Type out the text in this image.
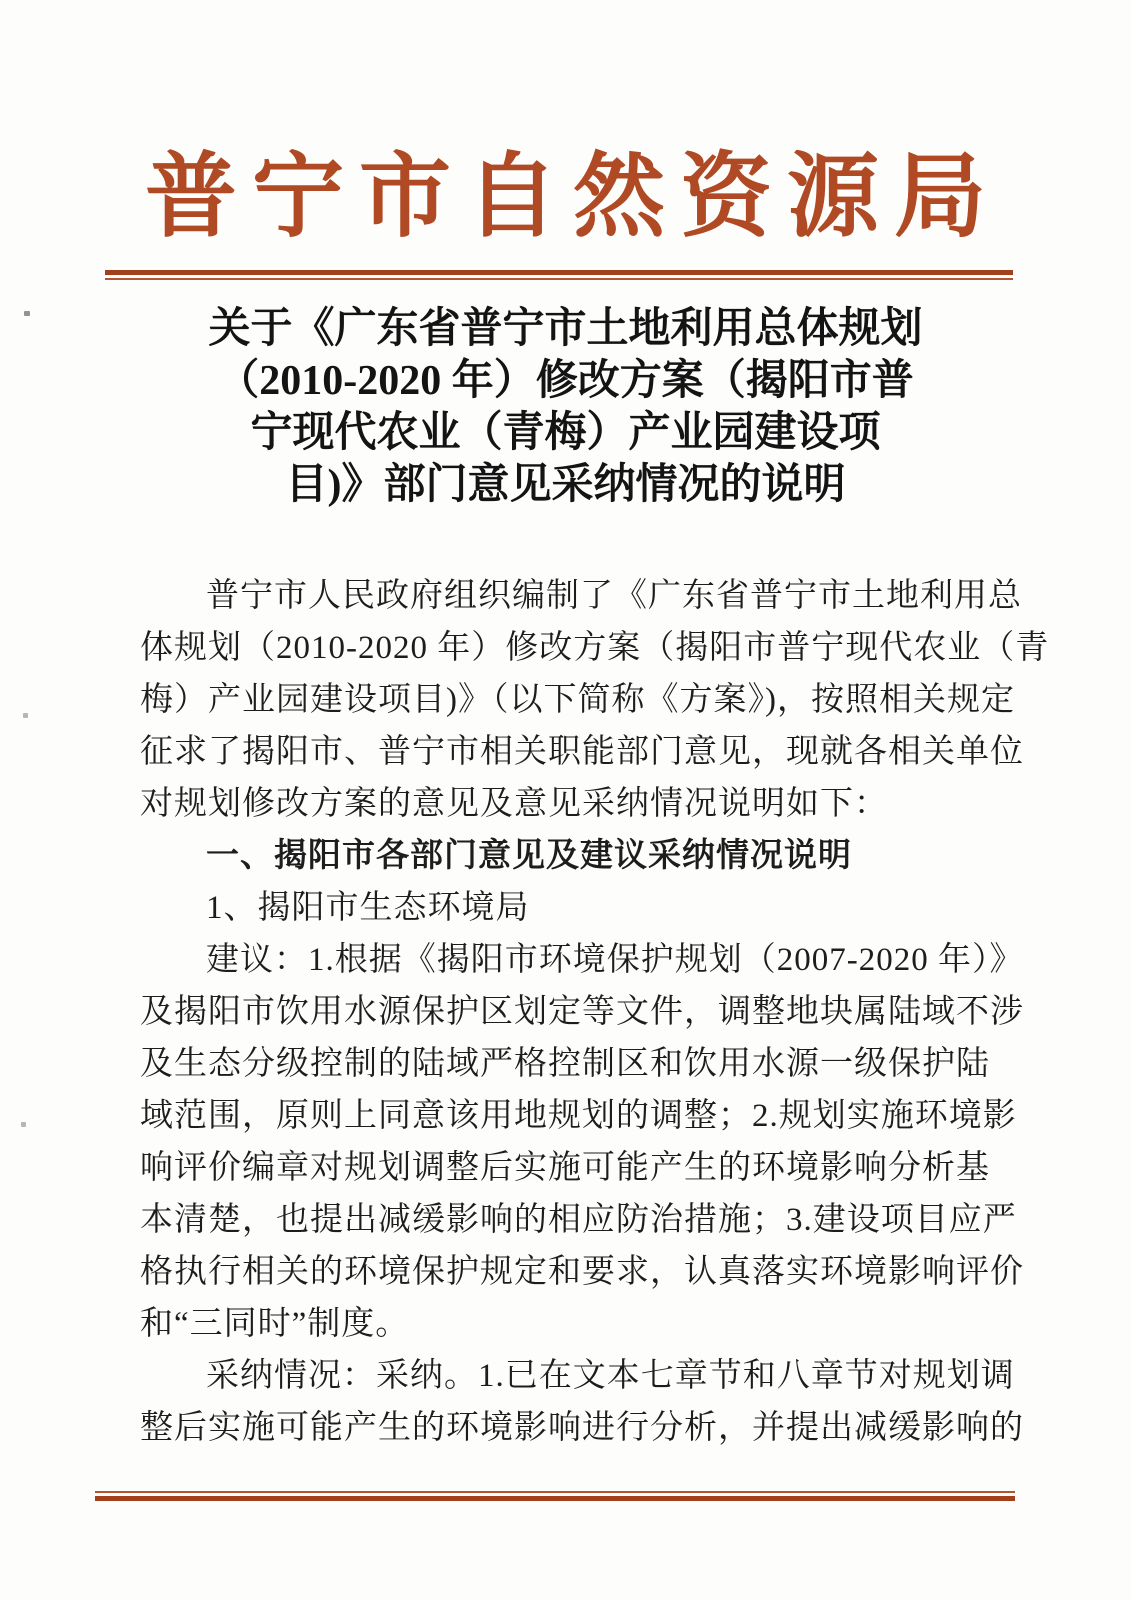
普宁市自然资源局
关于《广东省普宁市土地利用总体规划
（2010-2020 年）修改方案（揭阳市普
宁现代农业（青梅）产业园建设项
目)》部门意见采纳情况的说明
普宁市人民政府组织编制了《广东省普宁市土地利用总
体规划（2010-2020 年）修改方案（揭阳市普宁现代农业（青
梅）产业园建设项目)》（以下简称《方案》)，按照相关规定
征求了揭阳市、普宁市相关职能部门意见，现就各相关单位
对规划修改方案的意见及意见采纳情况说明如下：
一、揭阳市各部门意见及建议采纳情况说明
1、揭阳市生态环境局
建议：1.根据《揭阳市环境保护规划（2007-2020 年）》
及揭阳市饮用水源保护区划定等文件，调整地块属陆域不涉
及生态分级控制的陆域严格控制区和饮用水源一级保护陆
域范围，原则上同意该用地规划的调整；2.规划实施环境影
响评价编章对规划调整后实施可能产生的环境影响分析基
本清楚，也提出减缓影响的相应防治措施；3.建设项目应严
格执行相关的环境保护规定和要求，认真落实环境影响评价
和“三同时”制度。
采纳情况：采纳。1.已在文本七章节和八章节对规划调
整后实施可能产生的环境影响进行分析，并提出减缓影响的
